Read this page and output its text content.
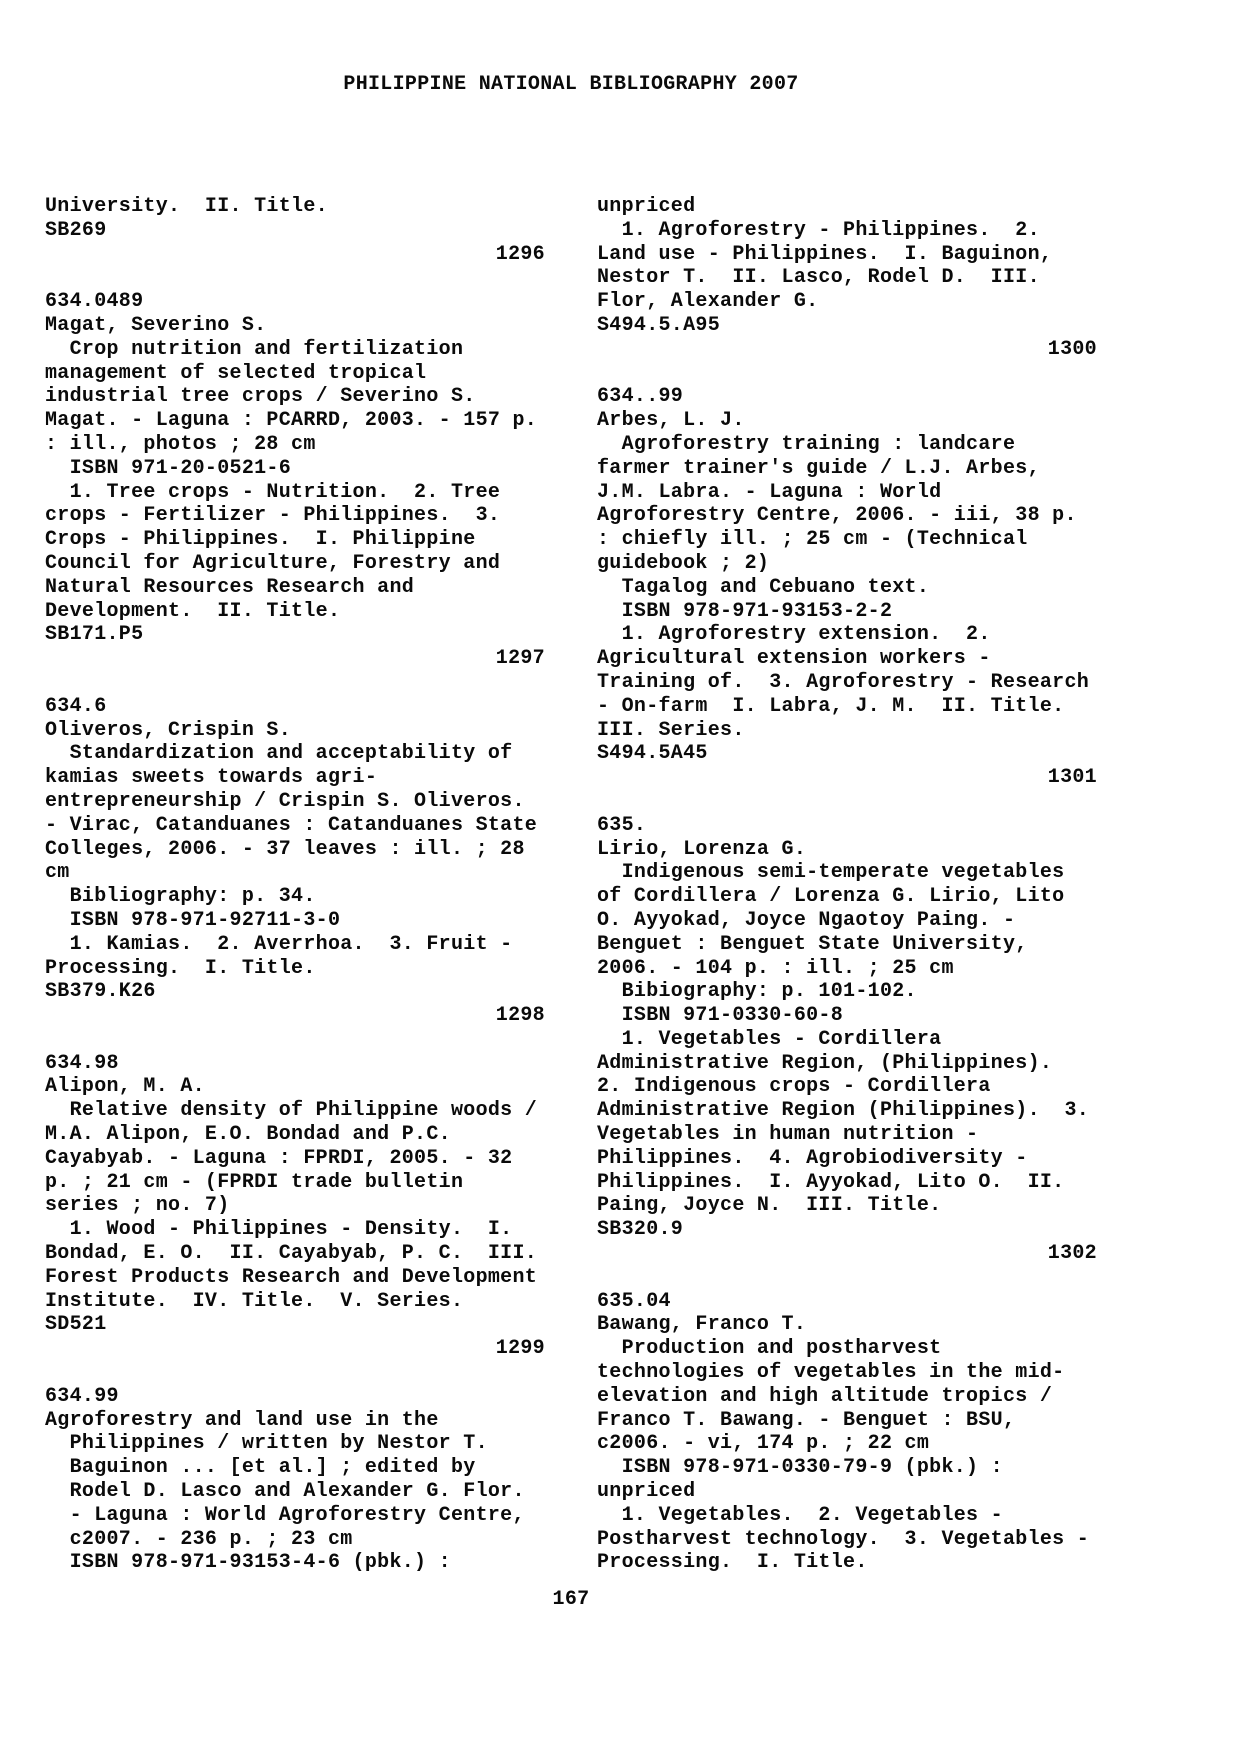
PHILIPPINE NATIONAL BIBLIOGRAPHY 2007
University.  II. Title.
SB269
1296
634.0489
Magat, Severino S.
Crop nutrition and fertilization
management of selected tropical
industrial tree crops / Severino S.
Magat. - Laguna : PCARRD, 2003. - 157 p.
: ill., photos ; 28 cm
ISBN 971-20-0521-6
1. Tree crops - Nutrition.  2. Tree
crops - Fertilizer - Philippines.  3.
Crops - Philippines.  I. Philippine
Council for Agriculture, Forestry and
Natural Resources Research and
Development.  II. Title.
SB171.P5
1297
634.6
Oliveros, Crispin S.
Standardization and acceptability of
kamias sweets towards agri-
entrepreneurship / Crispin S. Oliveros.
- Virac, Catanduanes : Catanduanes State
Colleges, 2006. - 37 leaves : ill. ; 28
cm
Bibliography: p. 34.
ISBN 978-971-92711-3-0
1. Kamias.  2. Averrhoa.  3. Fruit -
Processing.  I. Title.
SB379.K26
1298
634.98
Alipon, M. A.
Relative density of Philippine woods /
M.A. Alipon, E.O. Bondad and P.C.
Cayabyab. - Laguna : FPRDI, 2005. - 32
p. ; 21 cm - (FPRDI trade bulletin
series ; no. 7)
1. Wood - Philippines - Density.  I.
Bondad, E. O.  II. Cayabyab, P. C.  III.
Forest Products Research and Development
Institute.  IV. Title.  V. Series.
SD521
1299
634.99
Agroforestry and land use in the
Philippines / written by Nestor T.
Baguinon ... [et al.] ; edited by
Rodel D. Lasco and Alexander G. Flor.
- Laguna : World Agroforestry Centre,
c2007. - 236 p. ; 23 cm
ISBN 978-971-93153-4-6 (pbk.) :
unpriced
1. Agroforestry - Philippines.  2.
Land use - Philippines.  I. Baguinon,
Nestor T.  II. Lasco, Rodel D.  III.
Flor, Alexander G.
S494.5.A95
1300
634..99
Arbes, L. J.
Agroforestry training : landcare
farmer trainer's guide / L.J. Arbes,
J.M. Labra. - Laguna : World
Agroforestry Centre, 2006. - iii, 38 p.
: chiefly ill. ; 25 cm - (Technical
guidebook ; 2)
Tagalog and Cebuano text.
ISBN 978-971-93153-2-2
1. Agroforestry extension.  2.
Agricultural extension workers -
Training of.  3. Agroforestry - Research
- On-farm  I. Labra, J. M.  II. Title.
III. Series.
S494.5A45
1301
635.
Lirio, Lorenza G.
Indigenous semi-temperate vegetables
of Cordillera / Lorenza G. Lirio, Lito
O. Ayyokad, Joyce Ngaotoy Paing. -
Benguet : Benguet State University,
2006. - 104 p. : ill. ; 25 cm
Bibiography: p. 101-102.
ISBN 971-0330-60-8
1. Vegetables - Cordillera
Administrative Region, (Philippines).
2. Indigenous crops - Cordillera
Administrative Region (Philippines).  3.
Vegetables in human nutrition -
Philippines.  4. Agrobiodiversity -
Philippines.  I. Ayyokad, Lito O.  II.
Paing, Joyce N.  III. Title.
SB320.9
1302
635.04
Bawang, Franco T.
Production and postharvest
technologies of vegetables in the mid-
elevation and high altitude tropics /
Franco T. Bawang. - Benguet : BSU,
c2006. - vi, 174 p. ; 22 cm
ISBN 978-971-0330-79-9 (pbk.) :
unpriced
1. Vegetables.  2. Vegetables -
Postharvest technology.  3. Vegetables -
Processing.  I. Title.
167
